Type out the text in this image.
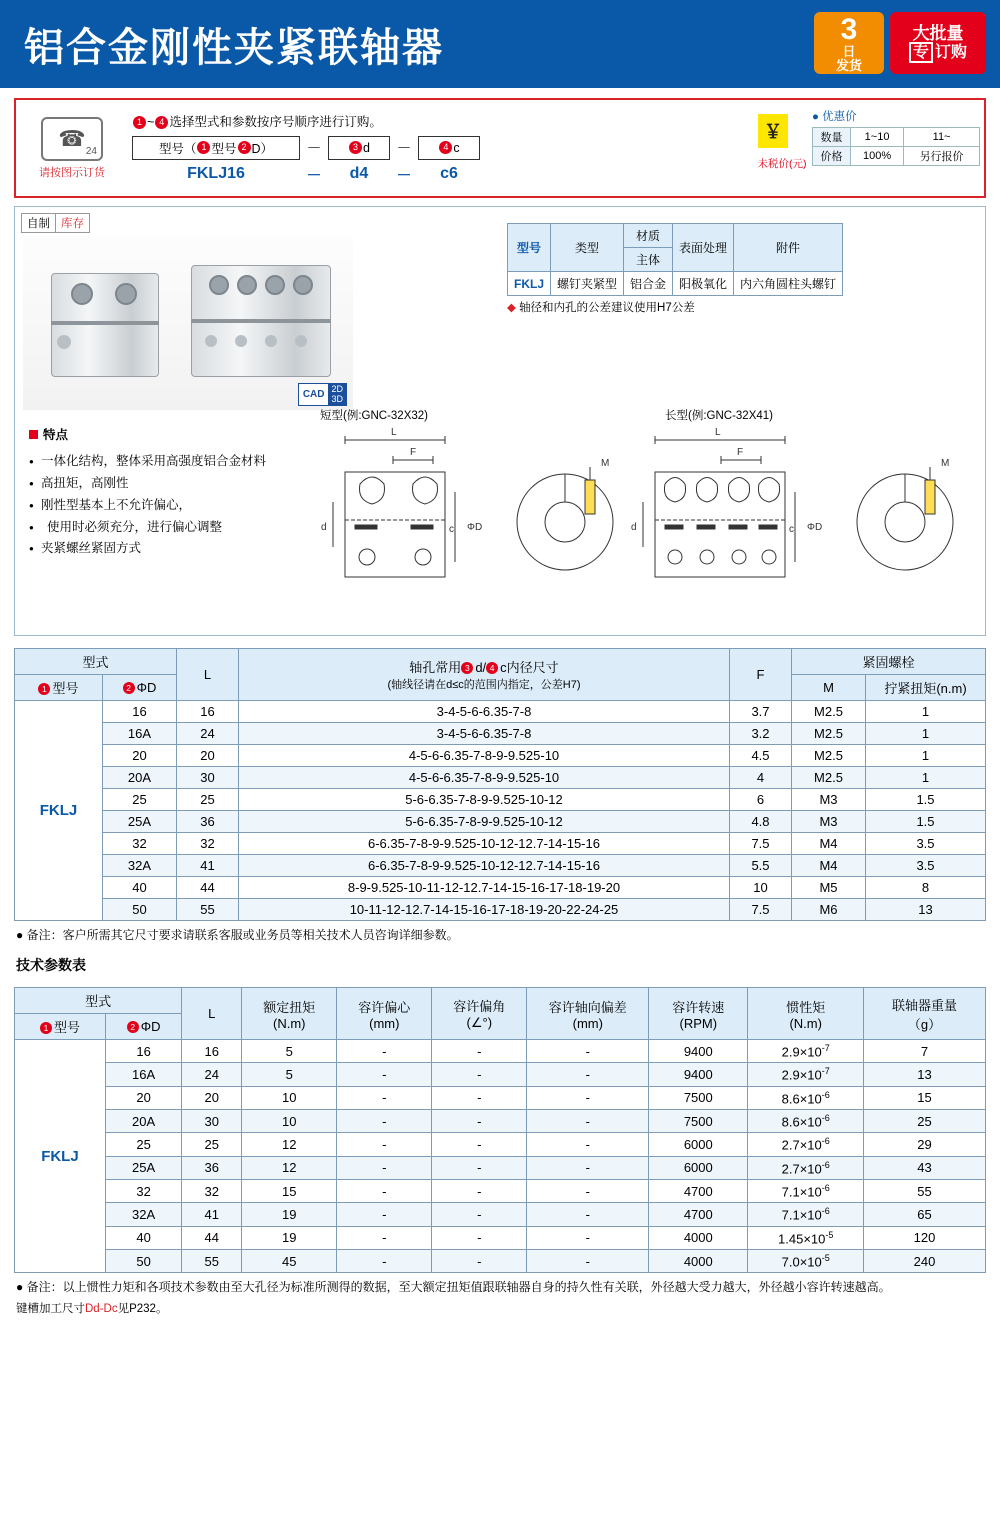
铝合金刚性夹紧联轴器	3
日
发货
大批量
专 订购
☎
24
请按图示订货
1 ~ 4 选择型式和参数按序号顺序进行订购。
型号（ 1 型号 2 D）	－	3 d	－	4 c
FKLJ16	－	d4	－	c6
￥
未税价(元)
● 优惠价
数量	1~10	11~
价格	100%	另行报价
自制 库存
CAD 2D
3D
型号	类型	材质	表面处理	附件
		主体		
FKLJ	螺钉夹紧型	铝合金	阳极氧化	内六角圆柱头螺钉
◆ 轴径和内孔的公差建议使用H7公差
特点
● 一体化结构，整体采用高强度铝合金材料
● 高扭矩，高刚性
● 刚性型基本上不允许偏心，
● 使用时必须充分，进行偏心调整
● 夹紧螺丝紧固方式
短型(例:GNC-32X32)	长型(例:GNC-32X41)
L
F
d	c ΦD
M
L
F
d	c ΦD
M
型式		L	轴孔常用 3 d/ 4 c内径尺寸
(轴线径请在d≤c的范围内指定，公差H7)	F	紧固螺栓	
1 型号	2 ΦD				M	拧紧扭矩(n.m)
FKLJ	16	16	3-4-5-6-6.35-7-8	3.7	M2.5	1
	16A	24	3-4-5-6-6.35-7-8	3.2	M2.5	1
	20	20	4-5-6-6.35-7-8-9-9.525-10	4.5	M2.5	1
	20A	30	4-5-6-6.35-7-8-9-9.525-10	4	M2.5	1
	25	25	5-6-6.35-7-8-9-9.525-10-12	6	M3	1.5
	25A	36	5-6-6.35-7-8-9-9.525-10-12	4.8	M3	1.5
	32	32	6-6.35-7-8-9-9.525-10-12-12.7-14-15-16	7.5	M4	3.5
	32A	41	6-6.35-7-8-9-9.525-10-12-12.7-14-15-16	5.5	M4	3.5
	40	44	8-9-9.525-10-11-12-12.7-14-15-16-17-18-19-20	10	M5	8
	50	55	10-11-12-12.7-14-15-16-17-18-19-20-22-24-25	7.5	M6	13
● 备注：客户所需其它尺寸要求请联系客服或业务员等相关技术人员咨询详细参数。
技术参数表
型式	L	额定扭矩
(N.m)

容许偏心
(mm)

容许偏角
(∠°)

容许轴向偏差
(mm)

容许转速
(RPM)

惯性矩
(N.m)

联轴器重量
（g）

1 型号	2 ΦD								
FKLJ	16	16	5	-	-	-	9400	$2.9\times 10^{-7}$	7
	16A	24	5	-	-	-	9400	$2.9\times 10^{-7}$	13
	20	20	10	-	-	-	7500	$8.6\times 10^{-6}$	15
	20A	30	10	-	-	-	7500	$8.6\times 10^{-6}$	25
	25	25	12	-	-	-	6000	$2.7\times 10^{-6}$	29
	25A	36	12	-	-	-	6000	$2.7\times 10^{-6}$	43
	32	32	15	-	-	-	4700	$7.1\times 10^{-6}$	55
	32A	41	19	-	-	-	4700	$7.1\times 10^{-6}$	65
	40	44	19	-	-	-	4000	$1.45\times 10^{-5}$	120
	50	55	45	-	-	-	4000	$7.0\times 10^{-5}$	240
● 备注：以上惯性力矩和各项技术参数由至大孔径为标准所测得的数据，至大额定扭矩值跟联轴器自身的持久性有关联，外径越大受力越大，外径越小容许转速越高。
键槽加工尺寸Dd-Dc见P232。
